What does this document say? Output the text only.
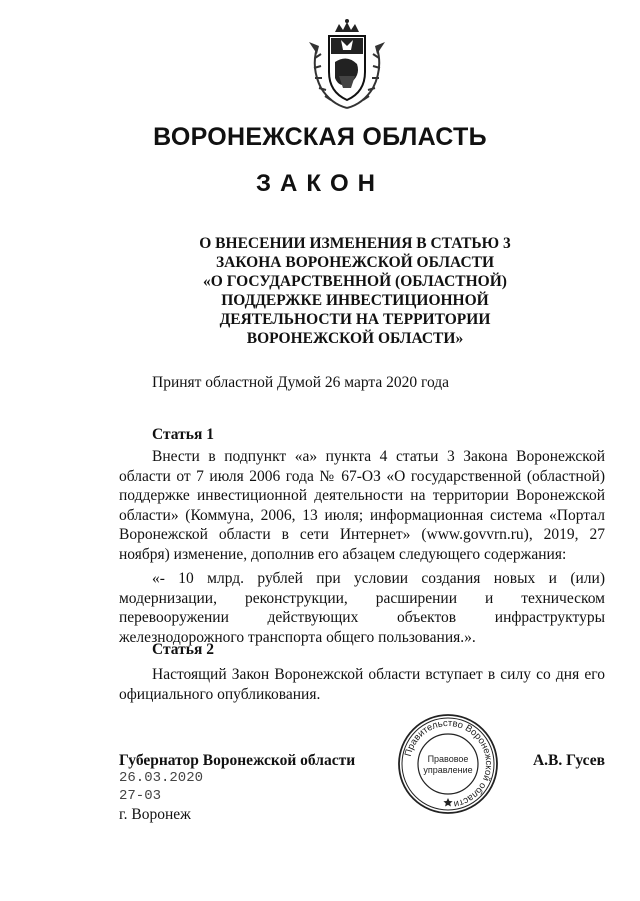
ВОРОНЕЖСКАЯ ОБЛАСТЬ
ЗАКОН
О ВНЕСЕНИИ ИЗМЕНЕНИЯ В СТАТЬЮ 3
ЗАКОНА ВОРОНЕЖСКОЙ ОБЛАСТИ
«О ГОСУДАРСТВЕННОЙ (ОБЛАСТНОЙ)
ПОДДЕРЖКЕ ИНВЕСТИЦИОННОЙ
ДЕЯТЕЛЬНОСТИ НА ТЕРРИТОРИИ
ВОРОНЕЖСКОЙ ОБЛАСТИ»
Принят областной Думой 26 марта 2020 года
Статья 1

Внести в подпункт «а» пункта 4 статьи 3 Закона Воронежской области от 7 июля 2006 года № 67-ОЗ «О государственной (областной) поддержке инвестиционной деятельности на территории Воронежской области» (Коммуна, 2006, 13 июля; информационная система «Портал Воронежской области в сети Интернет» (www.govvrn.ru), 2019, 27 ноября) изменение, дополнив его абзацем следующего содержания:

«- 10 млрд. рублей при условии создания новых и (или) модернизации, реконструкции, расширении и техническом перевооружении действующих объектов инфраструктуры железнодорожного транспорта общего пользования.».

Статья 2

Настоящий Закон Воронежской области вступает в силу со дня его официального опубликования.

Губернатор Воронежской области	А.В. Гусев
26.03.2020
27-03
г. Воронеж
Правительство Воронежской области
Правовое
управление
